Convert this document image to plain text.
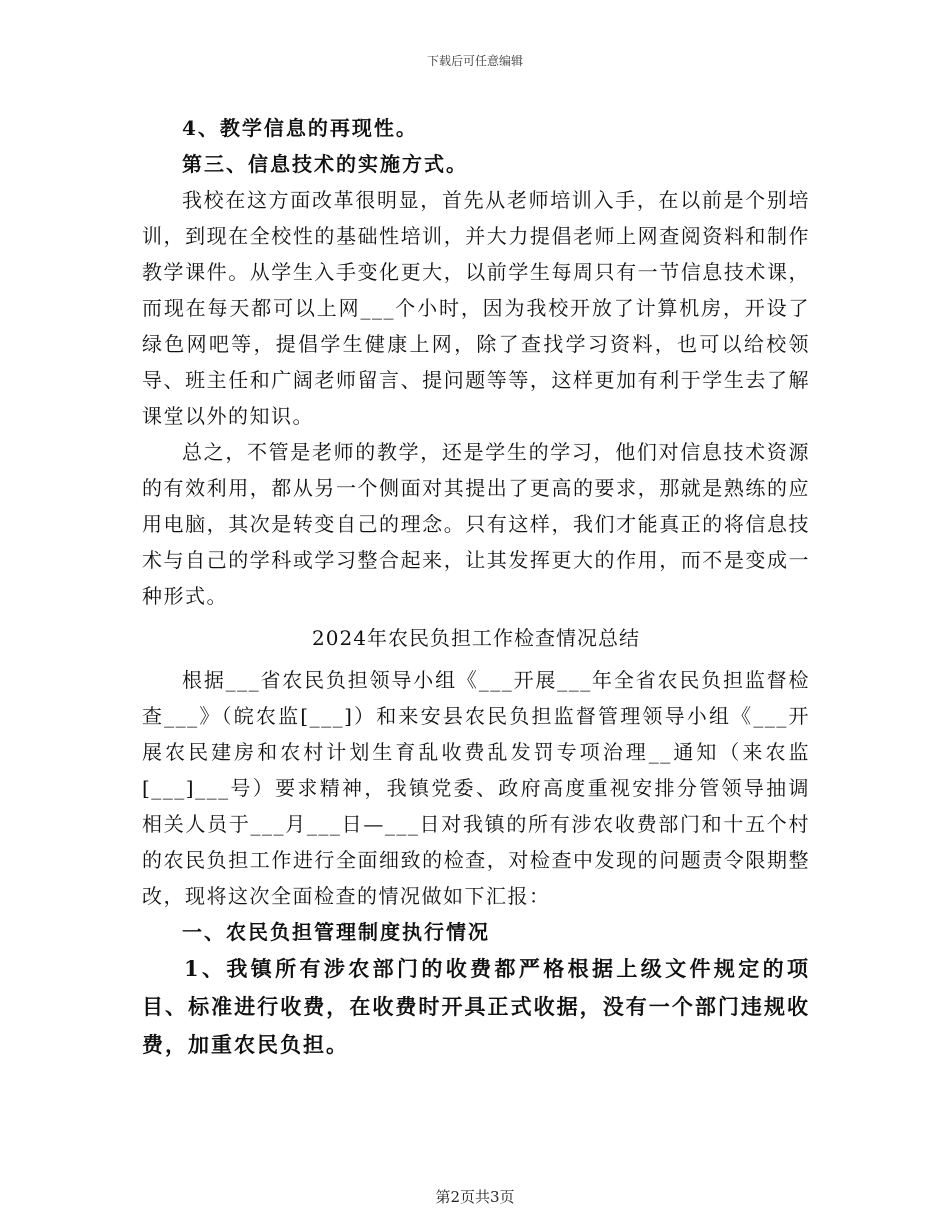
下载后可任意编辑

4、教学信息的再现性。

第三、信息技术的实施方式。

我校在这方面改革很明显，首先从老师培训入手，在以前是个别培训，到现在全校性的基础性培训，并大力提倡老师上网查阅资料和制作教学课件。从学生入手变化更大，以前学生每周只有一节信息技术课，而现在每天都可以上网___个小时，因为我校开放了计算机房，开设了绿色网吧等，提倡学生健康上网，除了查找学习资料，也可以给校领导、班主任和广阔老师留言、提问题等等，这样更加有利于学生去了解课堂以外的知识。

总之，不管是老师的教学，还是学生的学习，他们对信息技术资源的有效利用，都从另一个侧面对其提出了更高的要求，那就是熟练的应用电脑，其次是转变自己的理念。只有这样，我们才能真正的将信息技术与自己的学科或学习整合起来，让其发挥更大的作用，而不是变成一种形式。

2024年农民负担工作检查情况总结

根据___省农民负担领导小组《___开展___年全省农民负担监督检查___》（皖农监[___]）和来安县农民负担监督管理领导小组《___开展农民建房和农村计划生育乱收费乱发罚专项治理__通知（来农监[___]___号）要求精神，我镇党委、政府高度重视安排分管领导抽调相关人员于___月___日—___日对我镇的所有涉农收费部门和十五个村的农民负担工作进行全面细致的检查，对检查中发现的问题责令限期整改，现将这次全面检查的情况做如下汇报：

一、农民负担管理制度执行情况

1、我镇所有涉农部门的收费都严格根据上级文件规定的项目、标准进行收费，在收费时开具正式收据，没有一个部门违规收费，加重农民负担。

第2页共3页
